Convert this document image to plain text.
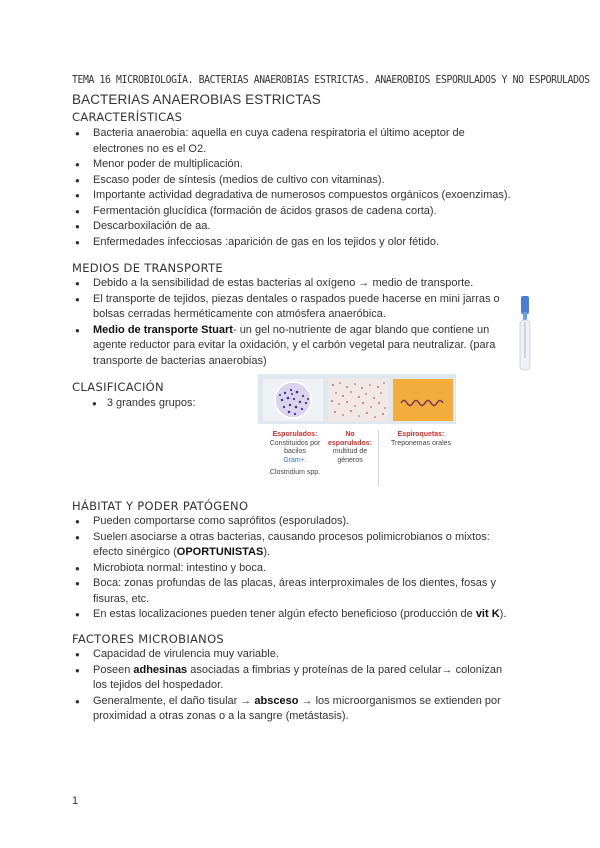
TEMA 16 MICROBIOLOGÍA. BACTERIAS ANAEROBIAS ESTRICTAS. ANAEROBIOS ESPORULADOS Y NO ESPORULADOS
BACTERIAS ANAEROBIAS ESTRICTAS
CARACTERÍSTICAS
● Bacteria anaerobia: aquella en cuya cadena respiratoria el último aceptor de electrones no es el O2.
● Menor poder de multiplicación.
● Escaso poder de síntesis (medios de cultivo con vitaminas).
● Importante actividad degradativa de numerosos compuestos orgánicos (exoenzimas).
● Fermentación glucídica (formación de ácidos grasos de cadena corta).
● Descarboxilación de aa.
● Enfermedades infecciosas :aparición de gas en los tejidos y olor fétido.
MEDIOS DE TRANSPORTE
● Debido a la sensibilidad de estas bacterias al oxígeno → medio de transporte.
● El transporte de tejidos, piezas dentales o raspados puede hacerse en mini jarras o bolsas cerradas herméticamente con atmósfera anaeróbica.
● Medio de transporte Stuart- un gel no-nutriente de agar blando que contiene un agente reductor para evitar la oxidación, y el carbón vegetal para neutralizar. (para transporte de bacterias anaerobias)
CLASIFICACIÓN
● 3 grandes grupos:
Esporulados:
Constituidos por bacilos
Gram+.
Clostridium spp.
No esporulados:
multitud de géneros
Espiroquetas:
Treponemas orales
HÁBITAT Y PODER PATÓGENO
● Pueden comportarse como saprófitos (esporulados).
● Suelen asociarse a otras bacterias, causando procesos polimicrobianos o mixtos: efecto sinérgico (OPORTUNISTAS).
● Microbiota normal: intestino y boca.
● Boca: zonas profundas de las placas, áreas interproximales de los dientes, fosas y fisuras, etc.
● En estas localizaciones pueden tener algún efecto beneficioso (producción de vit K).
FACTORES MICROBIANOS
● Capacidad de virulencia muy variable.
● Poseen adhesinas asociadas a fimbrias y proteínas de la pared celular→ colonizan los tejidos del hospedador.
● Generalmente, el daño tisular → absceso → los microorganismos se extienden por proximidad a otras zonas o a la sangre (metástasis).
1
